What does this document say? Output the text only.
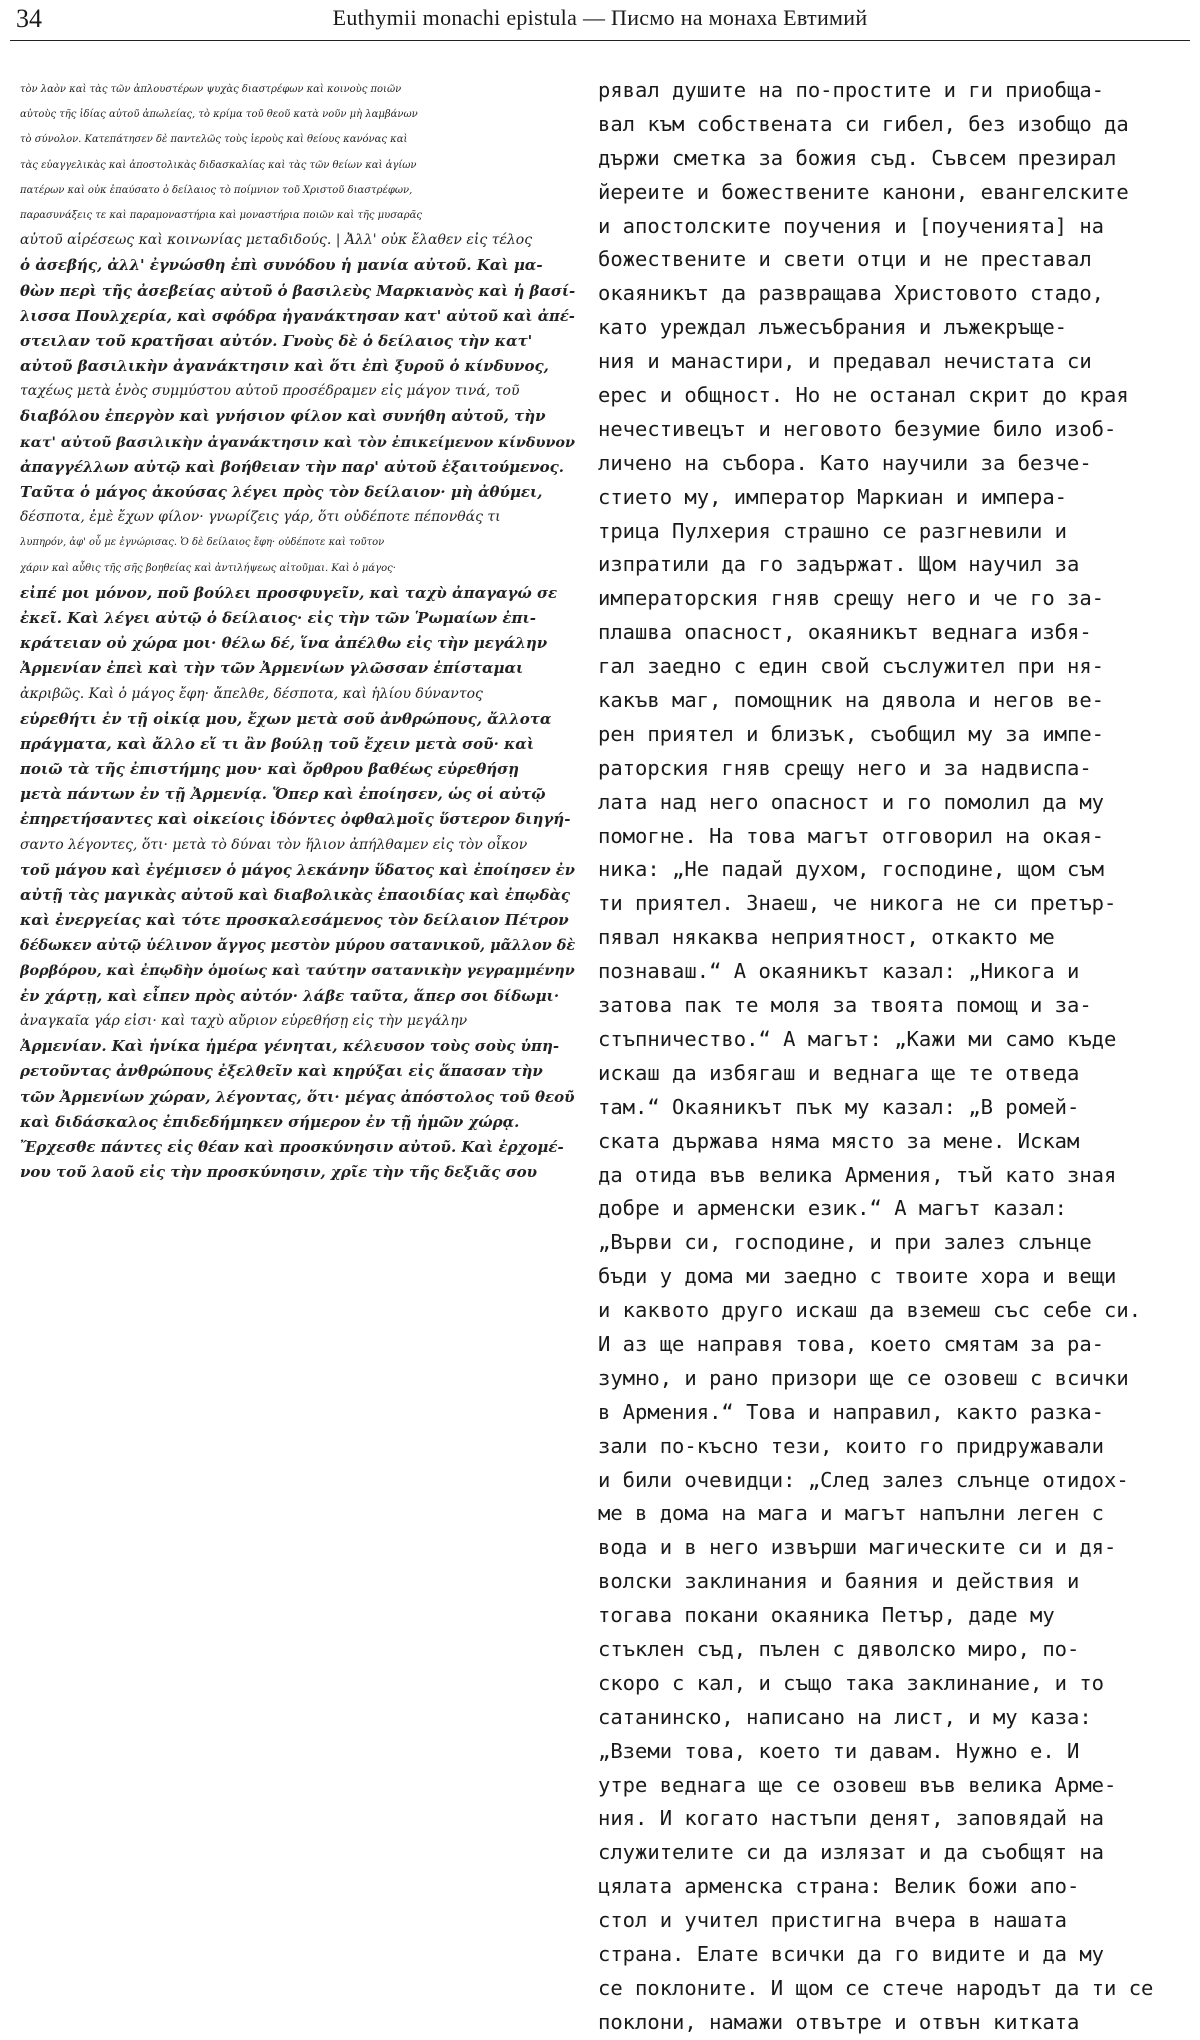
34	Euthymii monachi epistula — Писмо на монаха Евтимий
τὸν λαὸν καὶ τὰς τῶν ἀπλουστέρων ψυχὰς διαστρέφων καὶ κοινοὺς ποιῶν
αὐτοὺς τῆς ἰδίας αὐτοῦ ἀπωλείας, τὸ κρίμα τοῦ θεοῦ κατὰ νοῦν μὴ λαμβάνων
τὸ σύνολον. Κατεπάτησεν δὲ παντελῶς τοὺς ἱεροὺς καὶ θείους κανόνας καὶ
τὰς εὐαγγελικὰς καὶ ἀποστολικὰς διδασκαλίας καὶ τὰς τῶν θείων καὶ ἁγίων
πατέρων καὶ οὐκ ἐπαύσατο ὁ δείλαιος τὸ ποίμνιον τοῦ Χριστοῦ διαστρέφων,
παρασυνάξεις τε καὶ παραμοναστήρια καὶ μοναστήρια ποιῶν καὶ τῆς μυσαρᾶς
αὐτοῦ αἱρέσεως καὶ κοινωνίας μεταδιδούς. | Ἀλλ' οὐκ ἔλαθεν εἰς τέλος
ὁ ἀσεβής, ἀλλ' ἐγνώσθη ἐπὶ συνόδου ἡ μανία αὐτοῦ. Καὶ μα-
θὼν περὶ τῆς ἀσεβείας αὐτοῦ ὁ βασιλεὺς Μαρκιανὸς καὶ ἡ βασί-
λισσα Πουλχερία, καὶ σφόδρα ἠγανάκτησαν κατ' αὐτοῦ καὶ ἀπέ-
στειλαν τοῦ κρατῆσαι αὐτόν. Γνοὺς δὲ ὁ δείλαιος τὴν κατ'
αὐτοῦ βασιλικὴν ἀγανάκτησιν καὶ ὅτι ἐπὶ ξυροῦ ὁ κίνδυνος,
ταχέως μετὰ ἑνὸς συμμύστου αὐτοῦ προσέδραμεν εἰς μάγον τινά, τοῦ
διαβόλου ἐπεργὸν καὶ γνήσιον φίλον καὶ συνήθη αὐτοῦ, τὴν
κατ' αὐτοῦ βασιλικὴν ἀγανάκτησιν καὶ τὸν ἐπικείμενον κίνδυνον
ἀπαγγέλλων αὐτῷ καὶ βοήθειαν τὴν παρ' αὐτοῦ ἐξαιτούμενος.
Ταῦτα ὁ μάγος ἀκούσας λέγει πρὸς τὸν δείλαιον· μὴ ἀθύμει,
δέσποτα, ἐμὲ ἔχων φίλον· γνωρίζεις γάρ, ὅτι οὐδέποτε πέπονθάς τι
λυπηρόν, ἀφ' οὗ με ἐγνώρισας. Ὁ δὲ δείλαιος ἔφη· οὐδέποτε καὶ τοῦτον
χάριν καὶ αὖθις τῆς σῆς βοηθείας καὶ ἀντιλήψεως αἰτοῦμαι. Καὶ ὁ μάγος·
εἰπέ μοι μόνον, ποῦ βούλει προσφυγεῖν, καὶ ταχὺ ἀπαγαγώ σε
ἐκεῖ. Καὶ λέγει αὐτῷ ὁ δείλαιος· εἰς τὴν τῶν Ῥωμαίων ἐπι-
κράτειαν οὐ χώρα μοι· θέλω δέ, ἵνα ἀπέλθω εἰς τὴν μεγάλην
Ἀρμενίαν ἐπεὶ καὶ τὴν τῶν Ἀρμενίων γλῶσσαν ἐπίσταμαι
ἀκριβῶς. Καὶ ὁ μάγος ἔφη· ἄπελθε, δέσποτα, καὶ ἡλίου δύναντος
εὑρεθήτι ἐν τῇ οἰκίᾳ μου, ἔχων μετὰ σοῦ ἀνθρώπους, ἄλλοτα
πράγματα, καὶ ἄλλο εἴ τι ἂν βούλῃ τοῦ ἔχειν μετὰ σοῦ· καὶ
ποιῶ τὰ τῆς ἐπιστήμης μου· καὶ ὄρθρου βαθέως εὑρεθήσῃ
μετὰ πάντων ἐν τῇ Ἀρμενίᾳ. Ὅπερ καὶ ἐποίησεν, ὡς οἱ αὐτῷ
ἐπηρετήσαντες καὶ οἰκείοις ἰδόντες ὀφθαλμοῖς ὕστερον διηγή-
σαντο λέγοντες, ὅτι· μετὰ τὸ δύναι τὸν ἥλιον ἀπήλθαμεν εἰς τὸν οἶκον
τοῦ μάγου καὶ ἐγέμισεν ὁ μάγος λεκάνην ὕδατος καὶ ἐποίησεν ἐν
αὐτῇ τὰς μαγικὰς αὐτοῦ καὶ διαβολικὰς ἐπαοιδίας καὶ ἐπῳδὰς
καὶ ἐνεργείας καὶ τότε προσκαλεσάμενος τὸν δείλαιον Πέτρον
δέδωκεν αὐτῷ ὑέλινον ἄγγος μεστὸν μύρου σατανικοῦ, μᾶλλον δὲ
βορβόρου, καὶ ἐπῳδὴν ὁμοίως καὶ ταύτην σατανικὴν γεγραμμένην
ἐν χάρτῃ, καὶ εἶπεν πρὸς αὐτόν· λάβε ταῦτα, ἅπερ σοι δίδωμι·
ἀναγκαῖα γάρ εἰσι· καὶ ταχὺ αὔριον εὑρεθήσῃ εἰς τὴν μεγάλην
Ἀρμενίαν. Καὶ ἡνίκα ἡμέρα γένηται, κέλευσον τοὺς σοὺς ὑπη-
ρετοῦντας ἀνθρώπους ἐξελθεῖν καὶ κηρύξαι εἰς ἅπασαν τὴν
τῶν Ἀρμενίων χώραν, λέγοντας, ὅτι· μέγας ἀπόστολος τοῦ θεοῦ
καὶ διδάσκαλος ἐπιδεδήμηκεν σήμερον ἐν τῇ ἡμῶν χώρᾳ.
Ἔρχεσθε πάντες εἰς θέαν καὶ προσκύνησιν αὐτοῦ. Καὶ ἐρχομέ-
νου τοῦ λαοῦ εἰς τὴν προσκύνησιν, χρῖε τὴν τῆς δεξιᾶς σου
рявал душите на по-простите и ги приобща-
вал към собствената си гибел, без изобщо да
държи сметка за божия съд. Съвсем презирал
йереите и божествените канони, евангелските
и апостолските поучения и [поученията] на
божествените и свети отци и не преставал
окаяникът да развращава Христовото стадо,
като уреждал лъжесъбрания и лъжекръще-
ния и манастири, и предавал нечистата си
ерес и общност. Но не останал скрит до края
нечестивецът и неговото безумие било изоб-
личено на събора. Като научили за безче-
стието му, император Маркиан и импера-
трица Пулхерия страшно се разгневили и
изпратили да го задържат. Щом научил за
императорския гняв срещу него и че го за-
плашва опасност, окаяникът веднага избя-
гал заедно с един свой съслужител при ня-
какъв маг, помощник на дявола и негов ве-
рен приятел и близък, съобщил му за импе-
раторския гняв срещу него и за надвиспа-
лата над него опасност и го помолил да му
помогне. На това магът отговорил на окая-
ника: „Не падай духом, господине, щом съм
ти приятел. Знаеш, че никога не си претър-
пявал някаква неприятност, откакто ме
познаваш.“ А окаяникът казал: „Никога и
затова пак те моля за твоята помощ и за-
стъпничество.“ А магът: „Кажи ми само къде
искаш да избягаш и веднага ще те отведа
там.“ Окаяникът пък му казал: „В ромей-
ската държава няма място за мене. Искам
да отида във велика Армения, тъй като зная
добре и арменски език.“ А магът казал:
„Върви си, господине, и при залез слънце
бъди у дома ми заедно с твоите хора и вещи
и каквото друго искаш да вземеш със себе си.
И аз ще направя това, което смятам за ра-
зумно, и рано призори ще се озовеш с всички
в Армения.“ Това и направил, както разка-
зали по-късно тези, които го придружавали
и били очевидци: „След залез слънце отидох-
ме в дома на мага и магът напълни леген с
вода и в него извърши магическите си и дя-
волски заклинания и баяния и действия и
тогава покани окаяника Петър, даде му
стъклен съд, пълен с дяволско миро, по-
скоро с кал, и също така заклинание, и то
сатанинско, написано на лист, и му каза:
„Вземи това, което ти давам. Нужно е. И
утре веднага ще се озовеш във велика Арме-
ния. И когато настъпи денят, заповядай на
служителите си да излязат и да съобщят на
цялата арменска страна: Велик божи апо-
стол и учител пристигна вчера в нашата
страна. Елате всички да го видите и да му
се поклоните. И щом се стече народът да ти се
поклони, намажи отвътре и отвън китката
